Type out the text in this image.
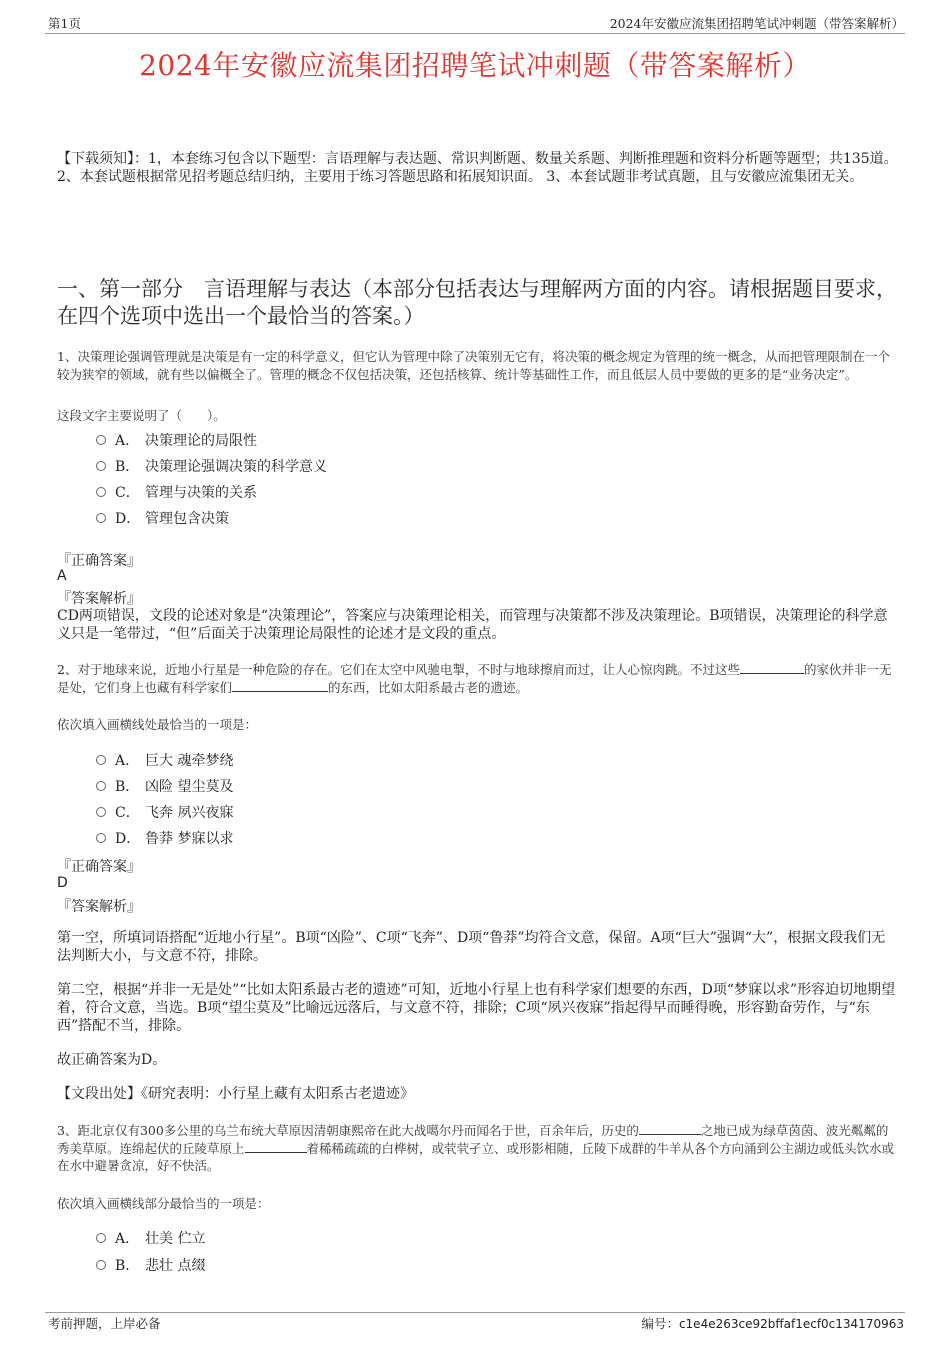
第1页	2024年安徽应流集团招聘笔试冲刺题（带答案解析）
2024年安徽应流集团招聘笔试冲刺题（带答案解析）
【下载须知】：1，本套练习包含以下题型：言语理解与表达题、常识判断题、数量关系题、判断推理题和资料分析题等题型；共135道。 2、本套试题根据常见招考题总结归纳，主要用于练习答题思路和拓展知识面。 3、本套试题非考试真题，且与安徽应流集团无关。
一、第一部分　言语理解与表达（本部分包括表达与理解两方面的内容。请根据题目要求，在四个选项中选出一个最恰当的答案。）
1、决策理论强调管理就是决策是有一定的科学意义，但它认为管理中除了决策别无它有，将决策的概念规定为管理的统一概念，从而把管理限制在一个较为狭窄的领域，就有些以偏概全了。管理的概念不仅包括决策，还包括核算、统计等基础性工作，而且低层人员中要做的更多的是“业务决定”。
这段文字主要说明了（　　）。
A． 决策理论的局限性
B． 决策理论强调决策的科学意义
C． 管理与决策的关系
D． 管理包含决策
『正确答案』
A
『答案解析』
CD两项错误，文段的论述对象是“决策理论”，答案应与决策理论相关，而管理与决策都不涉及决策理论。B项错误，决策理论的科学意义只是一笔带过，“但”后面关于决策理论局限性的论述才是文段的重点。
2、对于地球来说，近地小行星是一种危险的存在。它们在太空中风驰电掣，不时与地球擦肩而过，让人心惊肉跳。不过这些	的家伙并非一无是处，它们身上也藏有科学家们	的东西，比如太阳系最古老的遗迹。
依次填入画横线处最恰当的一项是：
A． 巨大 魂牵梦绕
B． 凶险 望尘莫及
C． 飞奔 夙兴夜寐
D． 鲁莽 梦寐以求
『正确答案』
D
『答案解析』
第一空，所填词语搭配“近地小行星”。B项“凶险”、C项“飞奔”、D项“鲁莽”均符合文意，保留。A项“巨大”强调“大”，根据文段我们无法判断大小，与文意不符，排除。
第二空，根据“并非一无是处”“比如太阳系最古老的遗迹”可知，近地小行星上也有科学家们想要的东西，D项“梦寐以求”形容迫切地期望着，符合文意，当选。B项“望尘莫及”比喻远远落后，与文意不符，排除；C项“夙兴夜寐”指起得早而睡得晚，形容勤奋劳作，与“东西”搭配不当，排除。
故正确答案为D。
【文段出处】《研究表明：小行星上藏有太阳系古老遗迹》
3、距北京仅有300多公里的乌兰布统大草原因清朝康熙帝在此大战噶尔丹而闻名于世，百余年后，历史的	之地已成为绿草茵茵、波光粼粼的秀美草原。连绵起伏的丘陵草原上	着稀稀疏疏的白桦树，或茕茕孑立、或形影相随，丘陵下成群的牛羊从各个方向涌到公主湖边或低头饮水或在水中避暑贪凉，好不快活。
依次填入画横线部分最恰当的一项是：
A． 壮美 伫立
B． 悲壮 点缀
考前押题，上岸必备	编号：c1e4e263ce92bffaf1ecf0c134170963
